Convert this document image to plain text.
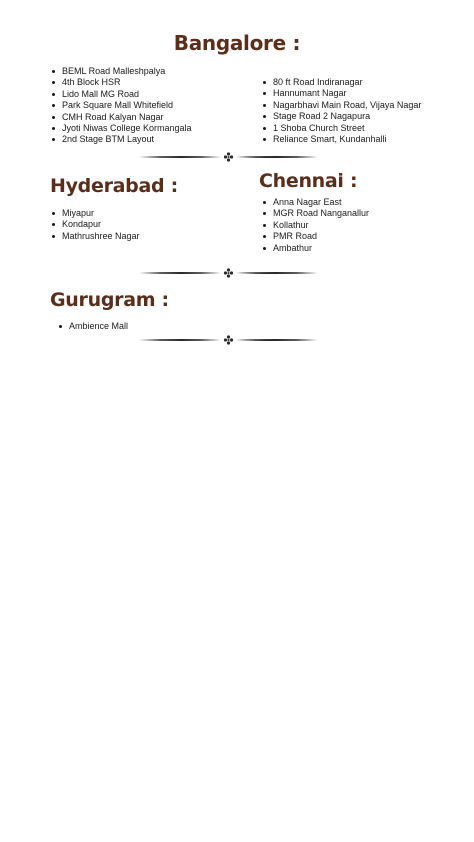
Bangalore :
BEML Road Malleshpalya
4th Block HSR
Lido Mall MG Road
Park Square Mall Whitefield
CMH Road Kalyan Nagar
Jyoti Niwas College Kormangala
2nd Stage BTM Layout
80 ft Road Indiranagar
Hannumant Nagar
Nagarbhavi Main Road, Vijaya Nagar
Stage Road 2 Nagapura
1 Shoba Church Street
Reliance Smart, Kundanhalli
Hyderabad :
Miyapur
Kondapur
Mathrushree Nagar
Chennai :
Anna Nagar East
MGR Road Nanganallur
Kollathur
PMR Road
Ambathur
Gurugram :
Ambience Mall
